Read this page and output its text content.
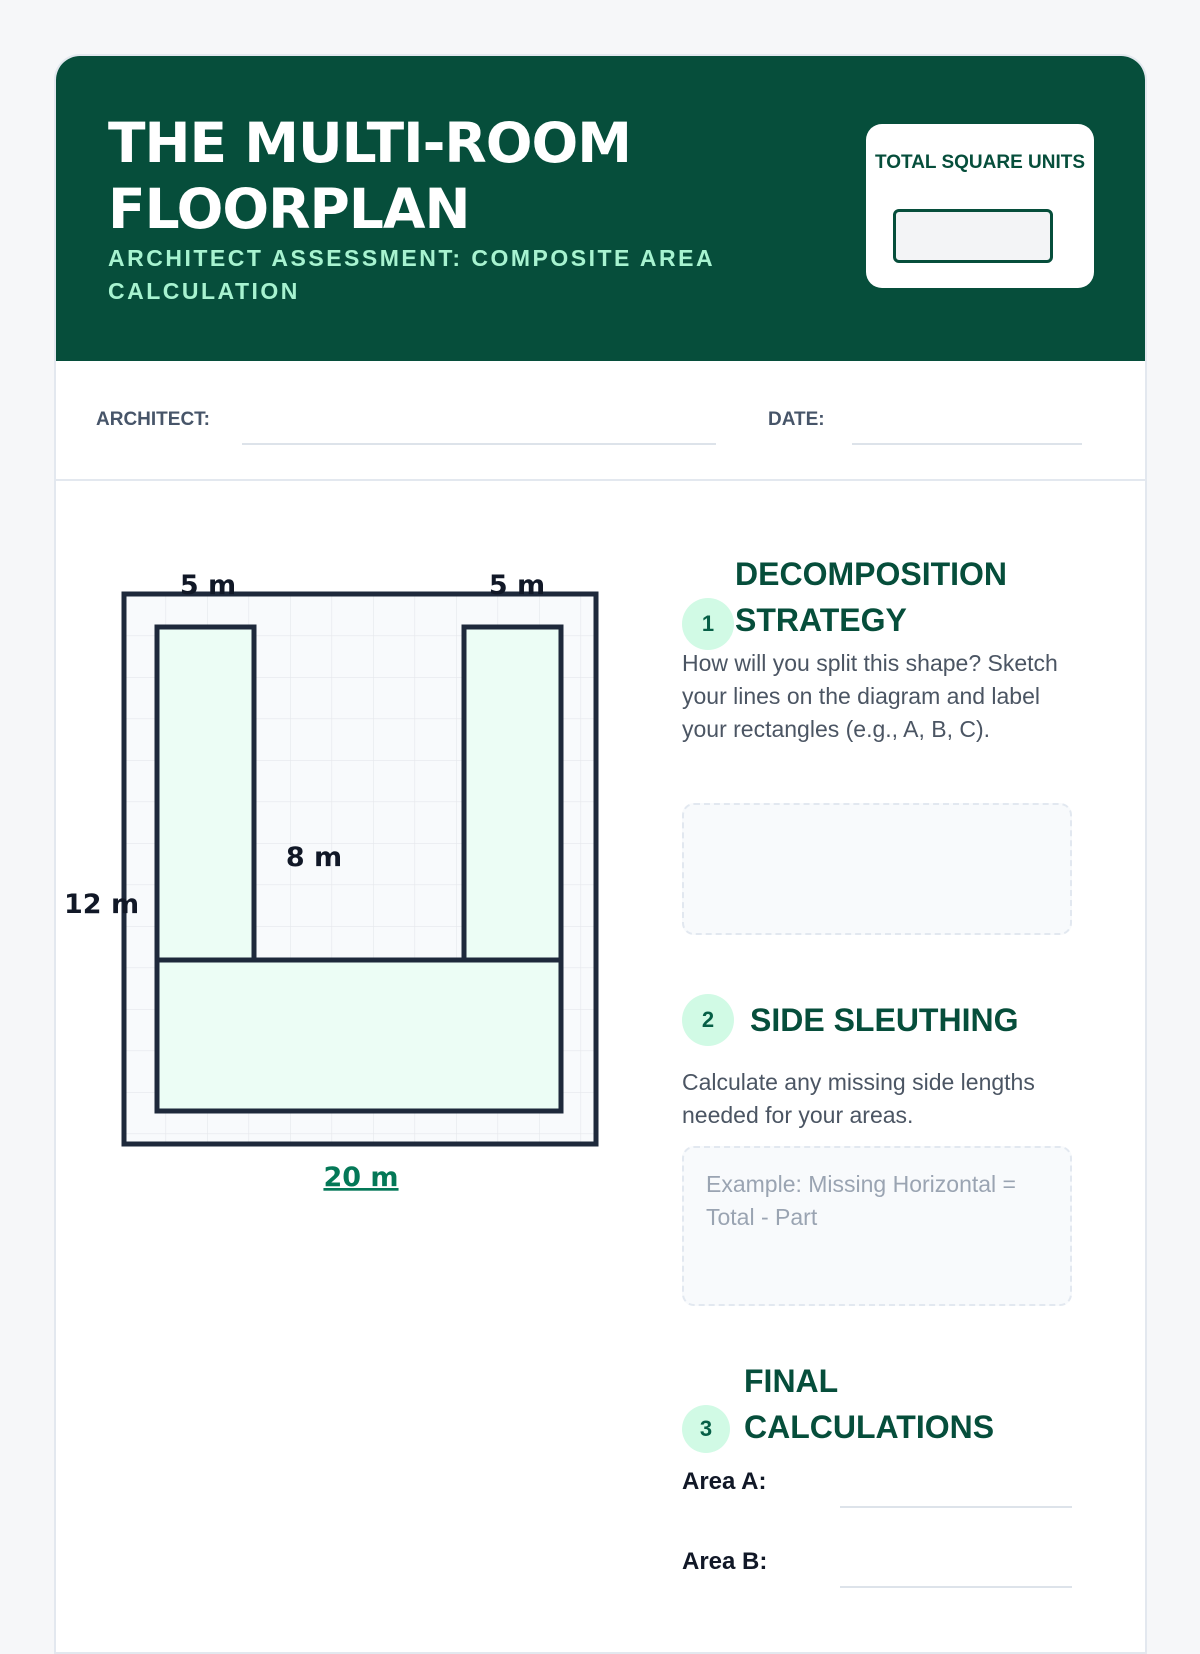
THE MULTI-ROOM FLOORPLAN
ARCHITECT ASSESSMENT: COMPOSITE AREA CALCULATION
TOTAL SQUARE UNITS
ARCHITECT:	DATE:
5 m	5 m
8 m
12 m
20 m
1
DECOMPOSITION STRATEGY
How will you split this shape? Sketch your lines on the diagram and label your rectangles (e.g., A, B, C).
2	SIDE SLEUTHING
Calculate any missing side lengths needed for your areas.
Example: Missing Horizontal = Total - Part
3
FINAL CALCULATIONS
Area A:
Area B:
